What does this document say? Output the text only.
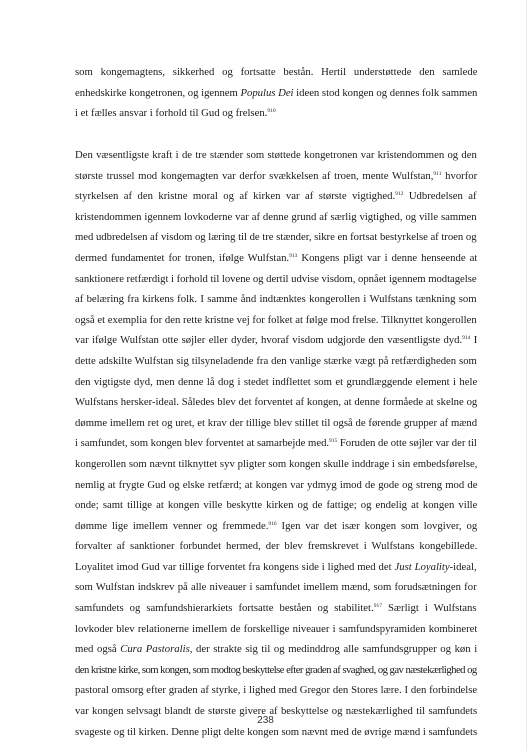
som kongemagtens, sikkerhed og fortsatte bestån. Hertil understøttede den samlede
enhedskirke kongetronen, og igennem Populus Dei ideen stod kongen og dennes folk sammen
i et fælles ansvar i forhold til Gud og frelsen.$^{910}$
Den væsentligste kraft i de tre stænder som støttede kongetronen var kristendommen og den
største trussel mod kongemagten var derfor svækkelsen af troen, mente Wulfstan,$^{911}$ hvorfor
styrkelsen af den kristne moral og af kirken var af største vigtighed.$^{912}$ Udbredelsen af
kristendommen igennem lovkoderne var af denne grund af særlig vigtighed, og ville sammen
med udbredelsen af visdom og læring til de tre stænder, sikre en fortsat bestyrkelse af troen og
dermed fundamentet for tronen, ifølge Wulfstan.$^{913}$ Kongens pligt var i denne henseende at
sanktionere retfærdigt i forhold til lovene og dertil udvise visdom, opnået igennem modtagelse
af belæring fra kirkens folk. I samme ånd indtænktes kongerollen i Wulfstans tænkning som
også et exemplia for den rette kristne vej for folket at følge mod frelse. Tilknyttet kongerollen
var ifølge Wulfstan otte søjler eller dyder, hvoraf visdom udgjorde den væsentligste dyd.$^{914}$ I
dette adskilte Wulfstan sig tilsyneladende fra den vanlige stærke vægt på retfærdigheden som
den vigtigste dyd, men denne lå dog i stedet indflettet som et grundlæggende element i hele
Wulfstans hersker-ideal. Således blev det forventet af kongen, at denne formåede at skelne og
dømme imellem ret og uret, et krav der tillige blev stillet til også de førende grupper af mænd
i samfundet, som kongen blev forventet at samarbejde med.$^{915}$ Foruden de otte søjler var der til
kongerollen som nævnt tilknyttet syv pligter som kongen skulle inddrage i sin embedsførelse,
nemlig at frygte Gud og elske retfærd; at kongen var ydmyg imod de gode og streng mod de
onde; samt tillige at kongen ville beskytte kirken og de fattige; og endelig at kongen ville
dømme lige imellem venner og fremmede.$^{916}$ Igen var det især kongen som lovgiver, og
forvalter af sanktioner forbundet hermed, der blev fremskrevet i Wulfstans kongebillede.
Loyalitet imod Gud var tillige forventet fra kongens side i lighed med det Just Loyality-ideal,
som Wulfstan indskrev på alle niveauer i samfundet imellem mænd, som forudsætningen for
samfundets og samfundshierarkiets fortsatte beståen og stabilitet.$^{917}$ Særligt i Wulfstans
lovkoder blev relationerne imellem de forskellige niveauer i samfundspyramiden kombineret
med også Cura Pastoralis, der strakte sig til og medinddrog alle samfundsgrupper og køn i
den kristne kirke, som kongen, som modtog beskyttelse efter graden af svaghed, og gav næstekærlighed og
pastoral omsorg efter graden af styrke, i lighed med Gregor den Stores lære. I den forbindelse
var kongen selvsagt blandt de største givere af beskyttelse og næstekærlighed til samfundets
svageste og til kirken. Denne pligt delte kongen som nævnt med de øvrige mænd i samfundets
238
